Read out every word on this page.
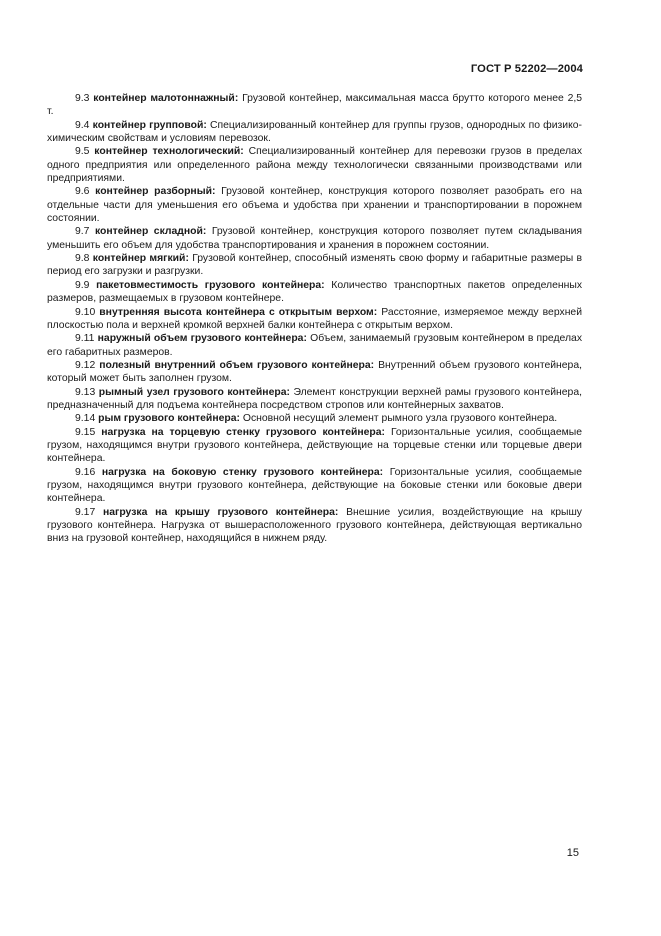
ГОСТ Р 52202—2004

9.3 контейнер малотоннажный: Грузовой контейнер, максимальная масса брутто которого менее 2,5 т.

9.4 контейнер групповой: Специализированный контейнер для группы грузов, однородных по физико-химическим свойствам и условиям перевозок.

9.5 контейнер технологический: Специализированный контейнер для перевозки грузов в пределах одного предприятия или определенного района между технологически связанными производствами или предприятиями.

9.6 контейнер разборный: Грузовой контейнер, конструкция которого позволяет разобрать его на отдельные части для уменьшения его объема и удобства при хранении и транспортировании в порожнем состоянии.

9.7 контейнер складной: Грузовой контейнер, конструкция которого позволяет путем складывания уменьшить его объем для удобства транспортирования и хранения в порожнем состоянии.

9.8 контейнер мягкий: Грузовой контейнер, способный изменять свою форму и габаритные размеры в период его загрузки и разгрузки.

9.9 пакетовместимость грузового контейнера: Количество транспортных пакетов определенных размеров, размещаемых в грузовом контейнере.

9.10 внутренняя высота контейнера с открытым верхом: Расстояние, измеряемое между верхней плоскостью пола и верхней кромкой верхней балки контейнера с открытым верхом.

9.11 наружный объем грузового контейнера: Объем, занимаемый грузовым контейнером в пределах его габаритных размеров.

9.12 полезный внутренний объем грузового контейнера: Внутренний объем грузового контейнера, который может быть заполнен грузом.

9.13 рымный узел грузового контейнера: Элемент конструкции верхней рамы грузового контейнера, предназначенный для подъема контейнера посредством стропов или контейнерных захватов.

9.14 рым грузового контейнера: Основной несущий элемент рымного узла грузового контейнера.

9.15 нагрузка на торцевую стенку грузового контейнера: Горизонтальные усилия, сообщаемые грузом, находящимся внутри грузового контейнера, действующие на торцевые стенки или торцевые двери контейнера.

9.16 нагрузка на боковую стенку грузового контейнера: Горизонтальные усилия, сообщаемые грузом, находящимся внутри грузового контейнера, действующие на боковые стенки или боковые двери контейнера.

9.17 нагрузка на крышу грузового контейнера: Внешние усилия, воздействующие на крышу грузового контейнера. Нагрузка от вышерасположенного грузового контейнера, действующая вертикально вниз на грузовой контейнер, находящийся в нижнем ряду.

15
